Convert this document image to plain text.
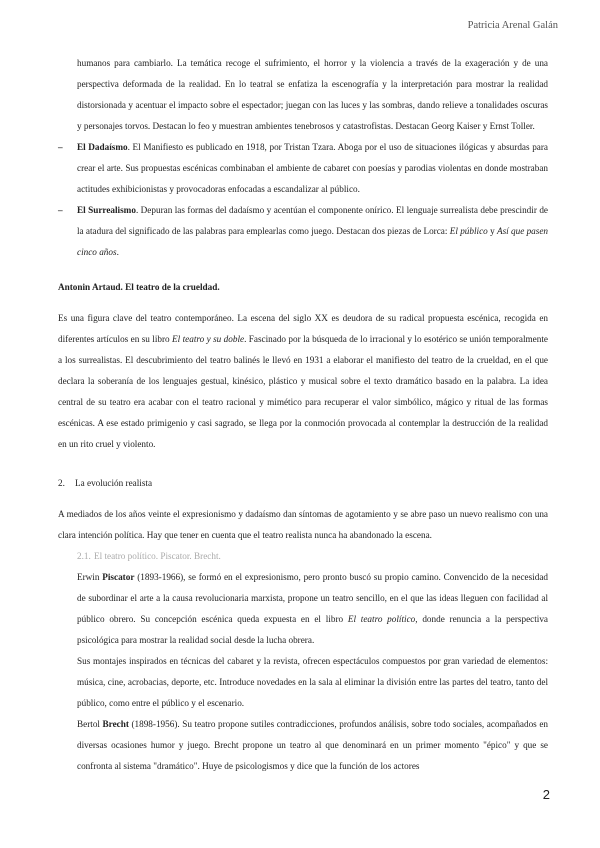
Patricia Arenal Galán

humanos para cambiarlo. La temática recoge el sufrimiento, el horror y la violencia a través de la exageración y de una perspectiva deformada de la realidad. En lo teatral se enfatiza la escenografía y la interpretación para mostrar la realidad distorsionada y acentuar el impacto sobre el espectador; juegan con las luces y las sombras, dando relieve a tonalidades oscuras y personajes torvos. Destacan lo feo y muestran ambientes tenebrosos y catastrofistas. Destacan Georg Kaiser y Ernst Toller.

– El Dadaísmo. El Manifiesto es publicado en 1918, por Tristan Tzara. Aboga por el uso de situaciones ilógicas y absurdas para crear el arte. Sus propuestas escénicas combinaban el ambiente de cabaret con poesías y parodias violentas en donde mostraban actitudes exhibicionistas y provocadoras enfocadas a escandalizar al público.
– El Surrealismo. Depuran las formas del dadaísmo y acentúan el componente onírico. El lenguaje surrealista debe prescindir de la atadura del significado de las palabras para emplearlas como juego. Destacan dos piezas de Lorca: El público y Así que pasen cinco años.

Antonin Artaud. El teatro de la crueldad.

Es una figura clave del teatro contemporáneo. La escena del siglo XX es deudora de su radical propuesta escénica, recogida en diferentes artículos en su libro El teatro y su doble. Fascinado por la búsqueda de lo irracional y lo esotérico se unión temporalmente a los surrealistas. El descubrimiento del teatro balinés le llevó en 1931 a elaborar el manifiesto del teatro de la crueldad, en el que declara la soberanía de los lenguajes gestual, kinésico, plástico y musical sobre el texto dramático basado en la palabra. La idea central de su teatro era acabar con el teatro racional y mimético para recuperar el valor simbólico, mágico y ritual de las formas escénicas. A ese estado primigenio y casi sagrado, se llega por la conmoción provocada al contemplar la destrucción de la realidad en un rito cruel y violento.

2. La evolución realista

A mediados de los años veinte el expresionismo y dadaísmo dan síntomas de agotamiento y se abre paso un nuevo realismo con una clara intención política. Hay que tener en cuenta que el teatro realista nunca ha abandonado la escena.

2.1. El teatro político. Piscator. Brecht.

Erwin Piscator (1893-1966), se formó en el expresionismo, pero pronto buscó su propio camino. Convencido de la necesidad de subordinar el arte a la causa revolucionaria marxista, propone un teatro sencillo, en el que las ideas lleguen con facilidad al público obrero. Su concepción escénica queda expuesta en el libro El teatro político, donde renuncia a la perspectiva psicológica para mostrar la realidad social desde la lucha obrera.

Sus montajes inspirados en técnicas del cabaret y la revista, ofrecen espectáculos compuestos por gran variedad de elementos: música, cine, acrobacias, deporte, etc. Introduce novedades en la sala al eliminar la división entre las partes del teatro, tanto del público, como entre el público y el escenario.

Bertol Brecht (1898-1956). Su teatro propone sutiles contradicciones, profundos análisis, sobre todo sociales, acompañados en diversas ocasiones humor y juego. Brecht propone un teatro al que denominará en un primer momento "épico" y que se confronta al sistema "dramático". Huye de psicologismos y dice que la función de los actores

2
